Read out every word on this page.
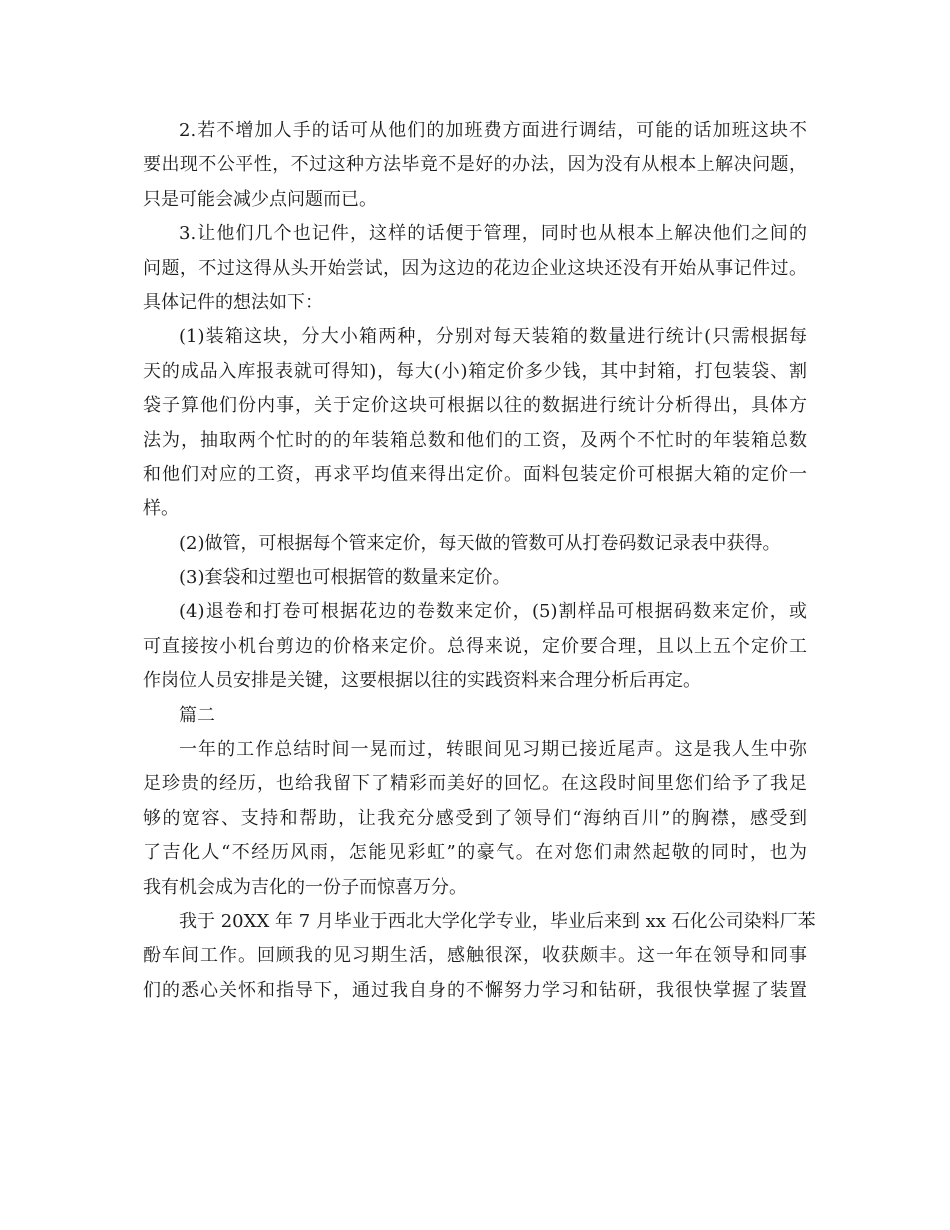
2.若不增加人手的话可从他们的加班费方面进行调结，可能的话加班这块不
要出现不公平性，不过这种方法毕竟不是好的办法，因为没有从根本上解决问题，
只是可能会减少点问题而已。
3.让他们几个也记件，这样的话便于管理，同时也从根本上解决他们之间的
问题，不过这得从头开始尝试，因为这边的花边企业这块还没有开始从事记件过。
具体记件的想法如下：
(1)装箱这块，分大小箱两种，分别对每天装箱的数量进行统计(只需根据每
天的成品入库报表就可得知)，每大(小)箱定价多少钱，其中封箱，打包装袋、割
袋子算他们份内事，关于定价这块可根据以往的数据进行统计分析得出，具体方
法为，抽取两个忙时的的年装箱总数和他们的工资，及两个不忙时的年装箱总数
和他们对应的工资，再求平均值来得出定价。面料包装定价可根据大箱的定价一
样。
(2)做管，可根据每个管来定价，每天做的管数可从打卷码数记录表中获得。
(3)套袋和过塑也可根据管的数量来定价。
(4)退卷和打卷可根据花边的卷数来定价，(5)割样品可根据码数来定价，或
可直接按小机台剪边的价格来定价。总得来说，定价要合理，且以上五个定价工
作岗位人员安排是关键，这要根据以往的实践资料来合理分析后再定。
篇二
一年的工作总结时间一晃而过，转眼间见习期已接近尾声。这是我人生中弥
足珍贵的经历，也给我留下了精彩而美好的回忆。在这段时间里您们给予了我足
够的宽容、支持和帮助，让我充分感受到了领导们“海纳百川”的胸襟，感受到
了吉化人“不经历风雨，怎能见彩虹”的豪气。在对您们肃然起敬的同时，也为
我有机会成为吉化的一份子而惊喜万分。
我于 20XX 年 7 月毕业于西北大学化学专业，毕业后来到 xx 石化公司染料厂苯
酚车间工作。回顾我的见习期生活，感触很深，收获颇丰。这一年在领导和同事
们的悉心关怀和指导下，通过我自身的不懈努力学习和钻研，我很快掌握了装置
